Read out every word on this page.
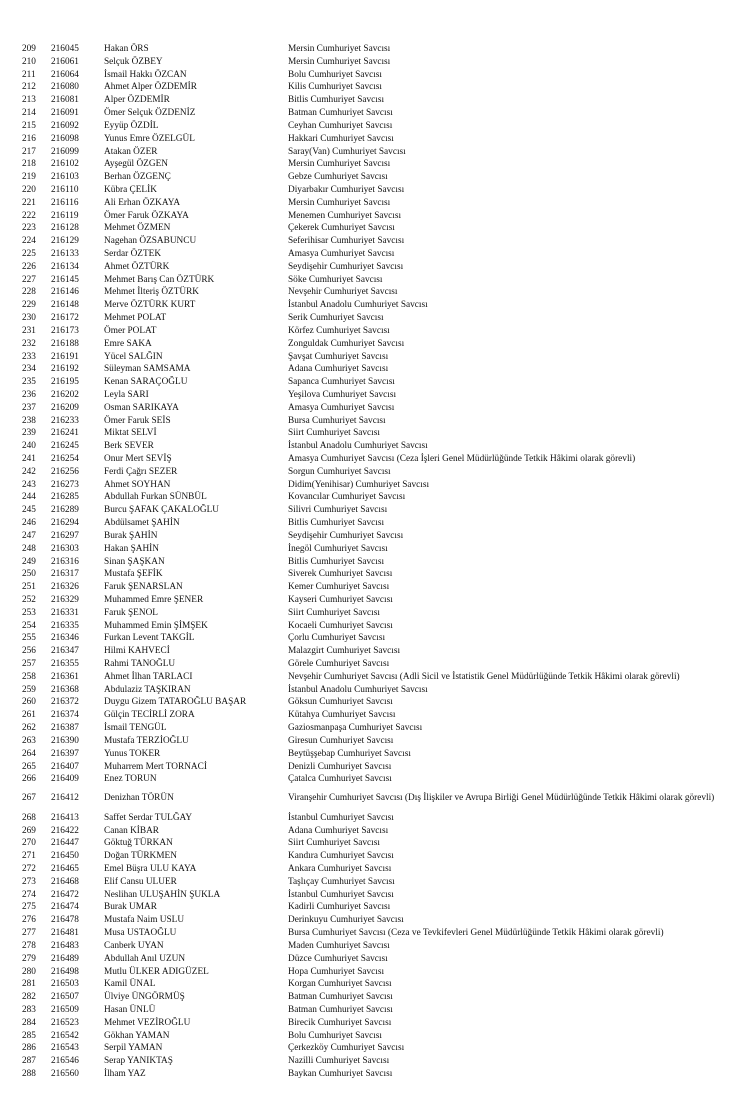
209	216045	Hakan ÖRS	Mersin Cumhuriyet Savcısı
210	216061	Selçuk ÖZBEY	Mersin Cumhuriyet Savcısı
211	216064	İsmail Hakkı ÖZCAN	Bolu Cumhuriyet Savcısı
212	216080	Ahmet Alper ÖZDEMİR	Kilis Cumhuriyet Savcısı
213	216081	Alper ÖZDEMİR	Bitlis Cumhuriyet Savcısı
214	216091	Ömer Selçuk ÖZDENİZ	Batman Cumhuriyet Savcısı
215	216092	Eyyüp ÖZDİL	Ceyhan Cumhuriyet Savcısı
216	216098	Yunus Emre ÖZELGÜL	Hakkari Cumhuriyet Savcısı
217	216099	Atakan ÖZER	Saray(Van) Cumhuriyet Savcısı
218	216102	Ayşegül ÖZGEN	Mersin Cumhuriyet Savcısı
219	216103	Berhan ÖZGENÇ	Gebze Cumhuriyet Savcısı
220	216110	Kübra ÇELİK	Diyarbakır Cumhuriyet Savcısı
221	216116	Ali Erhan ÖZKAYA	Mersin Cumhuriyet Savcısı
222	216119	Ömer Faruk ÖZKAYA	Menemen Cumhuriyet Savcısı
223	216128	Mehmet ÖZMEN	Çekerek Cumhuriyet Savcısı
224	216129	Nagehan ÖZSABUNCU	Seferihisar Cumhuriyet Savcısı
225	216133	Serdar ÖZTEK	Amasya Cumhuriyet Savcısı
226	216134	Ahmet ÖZTÜRK	Seydişehir Cumhuriyet Savcısı
227	216145	Mehmet Barış Can ÖZTÜRK	Söke Cumhuriyet Savcısı
228	216146	Mehmet İlteriş ÖZTÜRK	Nevşehir Cumhuriyet Savcısı
229	216148	Merve ÖZTÜRK KURT	İstanbul Anadolu Cumhuriyet Savcısı
230	216172	Mehmet POLAT	Serik Cumhuriyet Savcısı
231	216173	Ömer POLAT	Körfez Cumhuriyet Savcısı
232	216188	Emre SAKA	Zonguldak Cumhuriyet Savcısı
233	216191	Yücel SALĞIN	Şavşat Cumhuriyet Savcısı
234	216192	Süleyman SAMSAMA	Adana Cumhuriyet Savcısı
235	216195	Kenan SARAÇOĞLU	Sapanca Cumhuriyet Savcısı
236	216202	Leyla SARI	Yeşilova Cumhuriyet Savcısı
237	216209	Osman SARIKAYA	Amasya Cumhuriyet Savcısı
238	216233	Ömer Faruk SEİS	Bursa Cumhuriyet Savcısı
239	216241	Miktat SELVİ	Siirt Cumhuriyet Savcısı
240	216245	Berk SEVER	İstanbul Anadolu Cumhuriyet Savcısı
241	216254	Onur Mert SEVİŞ	Amasya Cumhuriyet Savcısı (Ceza İşleri Genel Müdürlüğünde Tetkik Hâkimi olarak görevli)
242	216256	Ferdi Çağrı SEZER	Sorgun Cumhuriyet Savcısı
243	216273	Ahmet SOYHAN	Didim(Yenihisar) Cumhuriyet Savcısı
244	216285	Abdullah Furkan SÜNBÜL	Kovancılar Cumhuriyet Savcısı
245	216289	Burcu ŞAFAK ÇAKALOĞLU	Silivri Cumhuriyet Savcısı
246	216294	Abdülsamet ŞAHİN	Bitlis Cumhuriyet Savcısı
247	216297	Burak ŞAHİN	Seydişehir Cumhuriyet Savcısı
248	216303	Hakan ŞAHİN	İnegöl Cumhuriyet Savcısı
249	216316	Sinan ŞAŞKAN	Bitlis Cumhuriyet Savcısı
250	216317	Mustafa ŞEFİK	Siverek Cumhuriyet Savcısı
251	216326	Faruk ŞENARSLAN	Kemer Cumhuriyet Savcısı
252	216329	Muhammed Emre ŞENER	Kayseri Cumhuriyet Savcısı
253	216331	Faruk ŞENOL	Siirt Cumhuriyet Savcısı
254	216335	Muhammed Emin ŞİMŞEK	Kocaeli Cumhuriyet Savcısı
255	216346	Furkan Levent TAKGİL	Çorlu Cumhuriyet Savcısı
256	216347	Hilmi KAHVECİ	Malazgirt Cumhuriyet Savcısı
257	216355	Rahmi TANOĞLU	Görele Cumhuriyet Savcısı
258	216361	Ahmet İlhan TARLACI	Nevşehir Cumhuriyet Savcısı (Adli Sicil ve İstatistik Genel Müdürlüğünde Tetkik Hâkimi olarak görevli)
259	216368	Abdulaziz TAŞKIRAN	İstanbul Anadolu Cumhuriyet Savcısı
260	216372	Duygu Gizem TATAROĞLU BAŞAR	Göksun Cumhuriyet Savcısı
261	216374	Gülçin TECİRLİ ZORA	Kütahya Cumhuriyet Savcısı
262	216387	İsmail TENGÜL	Gaziosmanpaşa Cumhuriyet Savcısı
263	216390	Mustafa TERZİOĞLU	Giresun Cumhuriyet Savcısı
264	216397	Yunus TOKER	Beytüşşebap Cumhuriyet Savcısı
265	216407	Muharrem Mert TORNACİ	Denizli Cumhuriyet Savcısı
266	216409	Enez TORUN	Çatalca Cumhuriyet Savcısı
267	216412	Denizhan TÖRÜN	Viranşehir Cumhuriyet Savcısı (Dış İlişkiler ve Avrupa Birliği Genel Müdürlüğünde Tetkik Hâkimi olarak görevli)
268	216413	Saffet Serdar TULĞAY	İstanbul Cumhuriyet Savcısı
269	216422	Canan KİBAR	Adana Cumhuriyet Savcısı
270	216447	Göktuğ TÜRKAN	Siirt Cumhuriyet Savcısı
271	216450	Doğan TÜRKMEN	Kandıra Cumhuriyet Savcısı
272	216465	Emel Büşra ULU KAYA	Ankara Cumhuriyet Savcısı
273	216468	Elif Cansu ULUER	Taşlıçay Cumhuriyet Savcısı
274	216472	Neslihan ULUŞAHİN ŞUKLA	İstanbul Cumhuriyet Savcısı
275	216474	Burak UMAR	Kadirli Cumhuriyet Savcısı
276	216478	Mustafa Naim USLU	Derinkuyu Cumhuriyet Savcısı
277	216481	Musa USTAOĞLU	Bursa Cumhuriyet Savcısı (Ceza ve Tevkifevleri Genel Müdürlüğünde Tetkik Hâkimi olarak görevli)
278	216483	Canberk UYAN	Maden Cumhuriyet Savcısı
279	216489	Abdullah Anıl UZUN	Düzce Cumhuriyet Savcısı
280	216498	Mutlu ÜLKER ADIGÜZEL	Hopa Cumhuriyet Savcısı
281	216503	Kamil ÜNAL	Korgan Cumhuriyet Savcısı
282	216507	Ülviye ÜNGÖRMÜŞ	Batman Cumhuriyet Savcısı
283	216509	Hasan ÜNLÜ	Batman Cumhuriyet Savcısı
284	216523	Mehmet VEZİROĞLU	Birecik Cumhuriyet Savcısı
285	216542	Gökhan YAMAN	Bolu Cumhuriyet Savcısı
286	216543	Serpil YAMAN	Çerkezköy Cumhuriyet Savcısı
287	216546	Serap YANIKTAŞ	Nazilli Cumhuriyet Savcısı
288	216560	İlham YAZ	Baykan Cumhuriyet Savcısı
